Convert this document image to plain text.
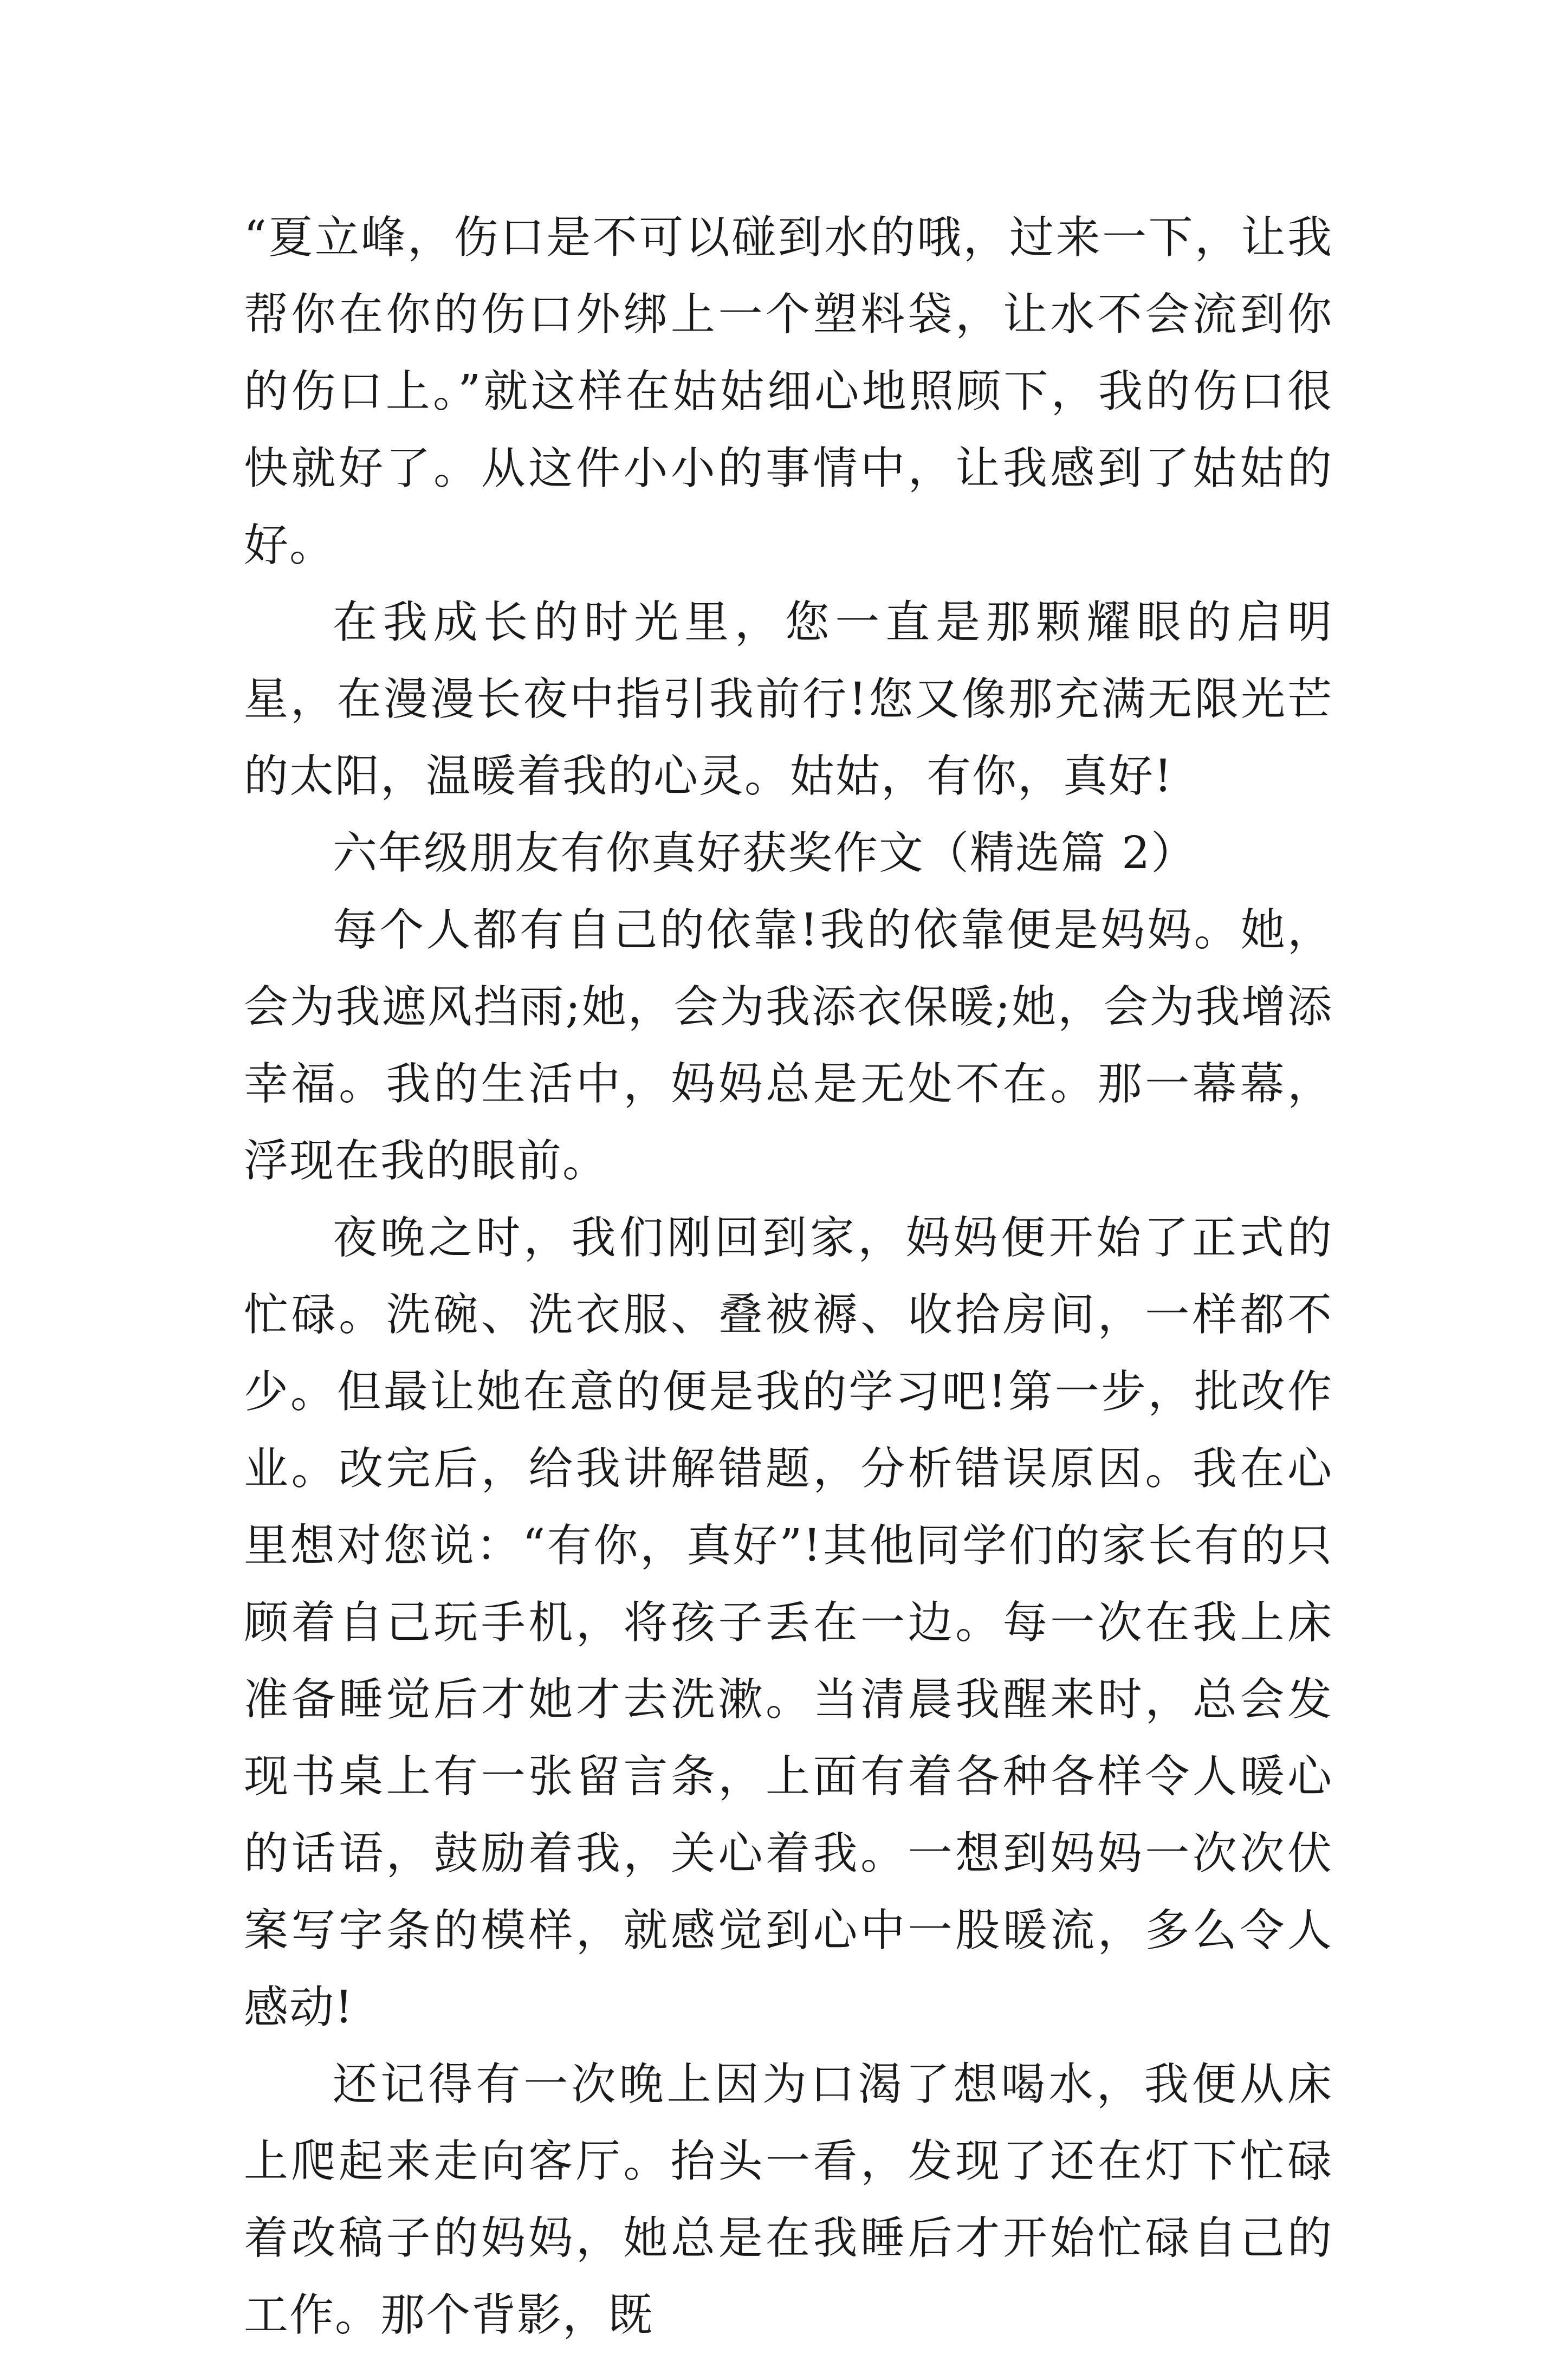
“夏立峰，伤口是不可以碰到水的哦，过来一下，让我帮你在你的伤口外绑上一个塑料袋，让水不会流到你的伤口上。”就这样在姑姑细心地照顾下，我的伤口很快就好了。从这件小小的事情中，让我感到了姑姑的好。

在我成长的时光里，您一直是那颗耀眼的启明星，在漫漫长夜中指引我前行!您又像那充满无限光芒的太阳，温暖着我的心灵。姑姑，有你，真好!

六年级朋友有你真好获奖作文（精选篇 2）

每个人都有自己的依靠!我的依靠便是妈妈。她，会为我遮风挡雨;她，会为我添衣保暖;她，会为我增添幸福。我的生活中，妈妈总是无处不在。那一幕幕，浮现在我的眼前。

夜晚之时，我们刚回到家，妈妈便开始了正式的忙碌。洗碗、洗衣服、叠被褥、收拾房间，一样都不少。但最让她在意的便是我的学习吧!第一步，批改作业。改完后，给我讲解错题，分析错误原因。我在心里想对您说：“有你，真好”!其他同学们的家长有的只顾着自己玩手机，将孩子丢在一边。每一次在我上床准备睡觉后才她才去洗漱。当清晨我醒来时，总会发现书桌上有一张留言条，上面有着各种各样令人暖心的话语，鼓励着我，关心着我。一想到妈妈一次次伏案写字条的模样，就感觉到心中一股暖流，多么令人感动!

还记得有一次晚上因为口渴了想喝水，我便从床上爬起来走向客厅。抬头一看，发现了还在灯下忙碌着改稿子的妈妈，她总是在我睡后才开始忙碌自己的工作。那个背影，既
